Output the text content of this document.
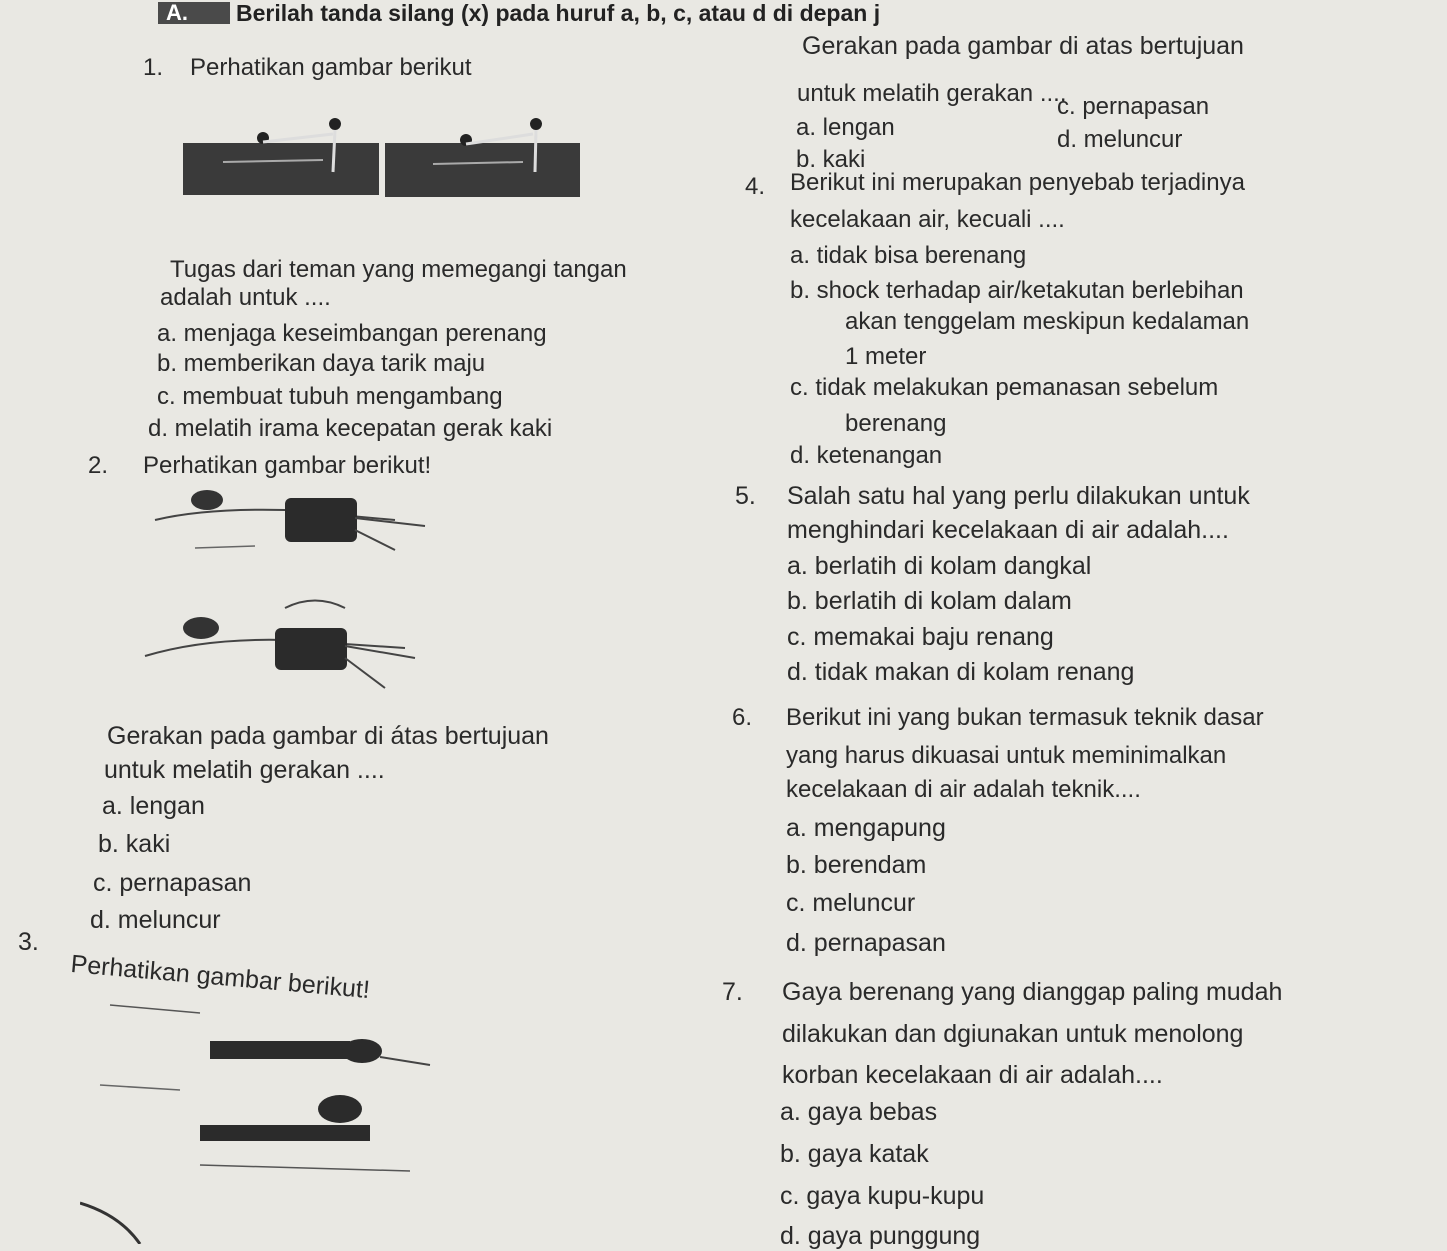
A. Berilah tanda silang (x) pada huruf a, b, c, atau d di depan j
1. Perhatikan gambar berikut
Tugas dari teman yang memegangi tangan
adalah untuk ....
a. menjaga keseimbangan perenang
b. memberikan daya tarik maju
c. membuat tubuh mengambang
d. melatih irama kecepatan gerak kaki
2. Perhatikan gambar berikut!
Gerakan pada gambar di átas bertujuan
untuk melatih gerakan ....
a. lengan
b. kaki
c. pernapasan
d. meluncur
3.
Perhatikan gambar berikut!
Gerakan pada gambar di atas bertujuan
untuk melatih gerakan ....
a. lengan
c. pernapasan
b. kaki
d. meluncur
4. Berikut ini merupakan penyebab terjadinya
kecelakaan air, kecuali ....
a. tidak bisa berenang
b. shock terhadap air/ketakutan berlebihan
akan tenggelam meskipun kedalaman
1 meter
c. tidak melakukan pemanasan sebelum
berenang
d. ketenangan
5. Salah satu hal yang perlu dilakukan untuk
menghindari kecelakaan di air adalah....
a. berlatih di kolam dangkal
b. berlatih di kolam dalam
c. memakai baju renang
d. tidak makan di kolam renang
6. Berikut ini yang bukan termasuk teknik dasar
yang harus dikuasai untuk meminimalkan
kecelakaan di air adalah teknik....
a. mengapung
b. berendam
c. meluncur
d. pernapasan
7. Gaya berenang yang dianggap paling mudah
dilakukan dan dgiunakan untuk menolong
korban kecelakaan di air adalah....
a. gaya bebas
b. gaya katak
c. gaya kupu-kupu
d. gaya punggung
